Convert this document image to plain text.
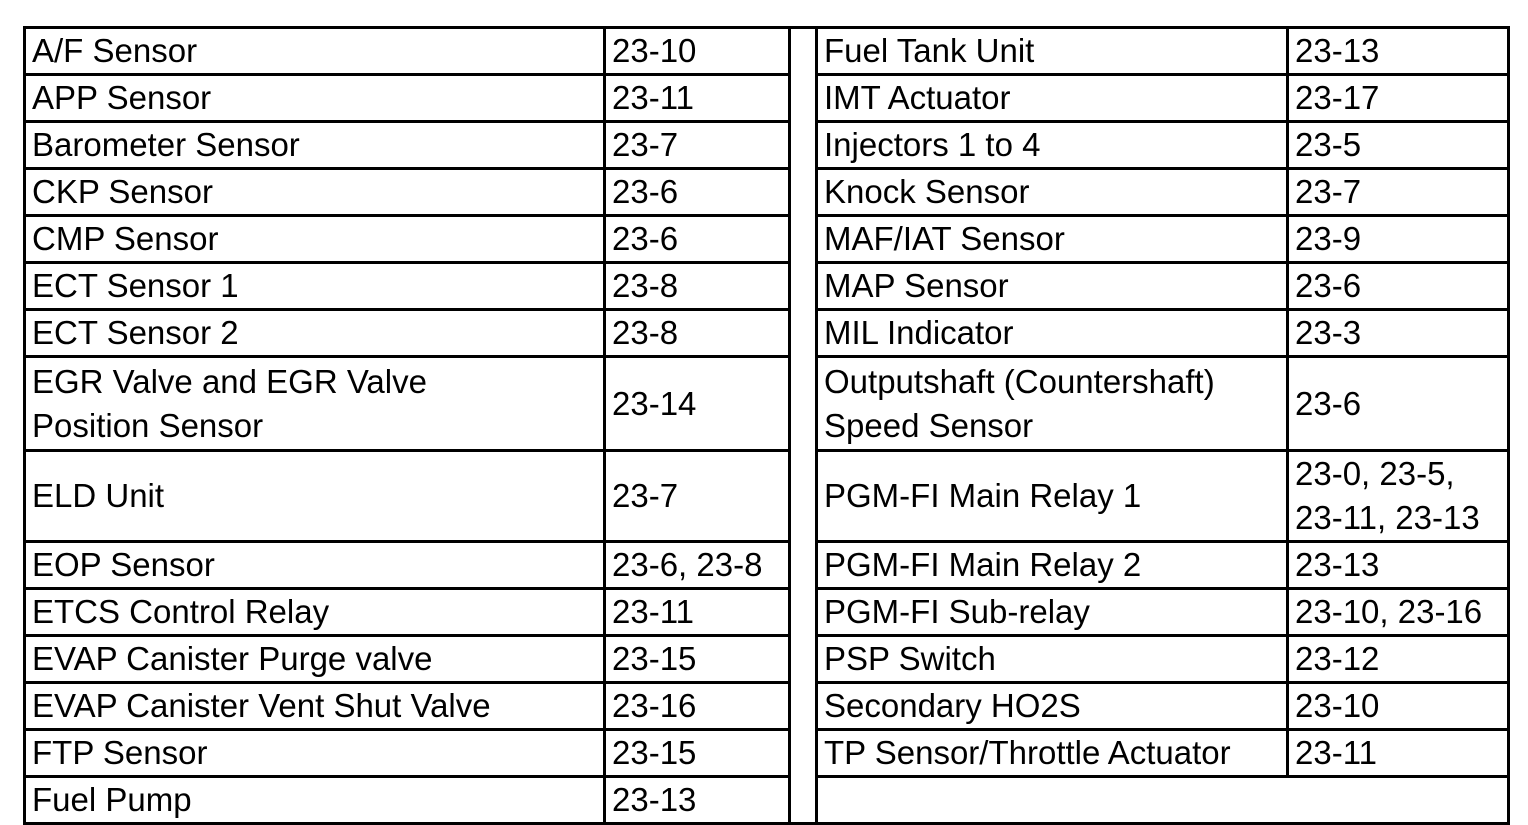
A/F Sensor	23-10		Fuel Tank Unit	23-13
APP Sensor	23-11		IMT Actuator	23-17
Barometer Sensor	23-7		Injectors 1 to 4	23-5
CKP Sensor	23-6		Knock Sensor	23-7
CMP Sensor	23-6		MAF/IAT Sensor	23-9
ECT Sensor 1	23-8		MAP Sensor	23-6
ECT Sensor 2	23-8		MIL Indicator	23-3
EGR Valve and EGR Valve Position Sensor	23-14		Outputshaft (Countershaft) Speed Sensor	23-6
ELD Unit	23-7		PGM-FI Main Relay 1	23-0, 23-5, 23-11, 23-13
EOP Sensor	23-6, 23-8		PGM-FI Main Relay 2	23-13
ETCS Control Relay	23-11		PGM-FI Sub-relay	23-10, 23-16
EVAP Canister Purge valve	23-15		PSP Switch	23-12
EVAP Canister Vent Shut Valve	23-16		Secondary HO2S	23-10
FTP Sensor	23-15		TP Sensor/Throttle Actuator	23-11
Fuel Pump	23-13			
